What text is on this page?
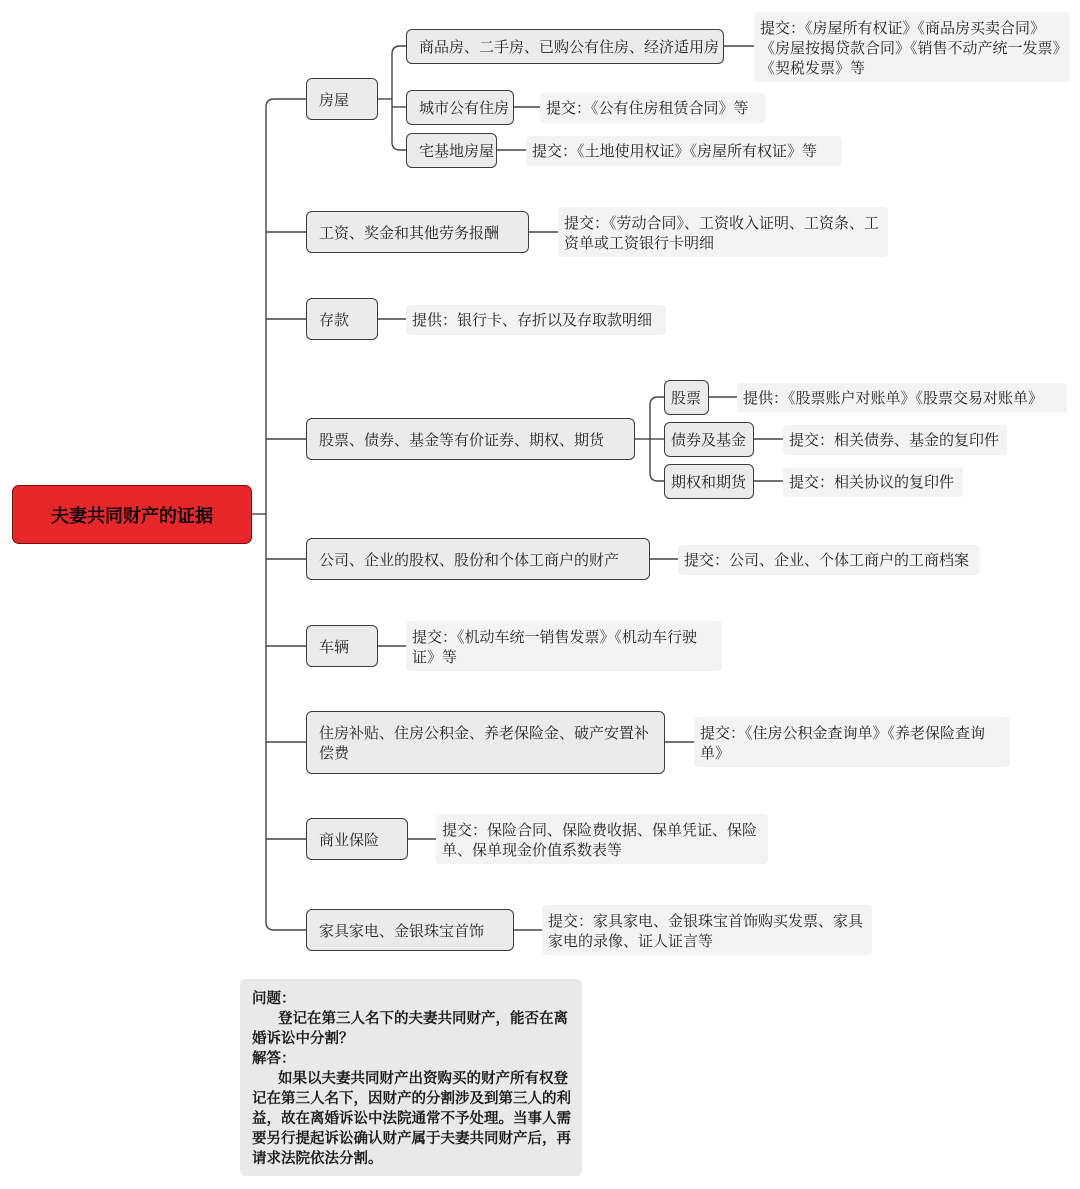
夫妻共同财产的证据
房屋
商品房、二手房、已购公有住房、经济适用房
提交：《房屋所有权证》《商品房买卖合同》《房屋按揭贷款合同》《销售不动产统一发票》《契税发票》等
城市公有住房	提交：《公有住房租赁合同》等
宅基地房屋	提交：《土地使用权证》《房屋所有权证》等
工资、奖金和其他劳务报酬
提交：《劳动合同》、工资收入证明、工资条、工资单或工资银行卡明细
存款	提供：银行卡、存折以及存取款明细
股票、债券、基金等有价证券、期权、期货
股票	提供：《股票账户对账单》《股票交易对账单》
债券及基金	提交：相关债券、基金的复印件
期权和期货	提交：相关协议的复印件
公司、企业的股权、股份和个体工商户的财产	提交：公司、企业、个体工商户的工商档案
车辆
提交：《机动车统一销售发票》《机动车行驶证》等
住房补贴、住房公积金、养老保险金、破产安置补偿费
提交：《住房公积金查询单》《养老保险查询单》
商业保险
提交：保险合同、保险费收据、保单凭证、保险单、保单现金价值系数表等
家具家电、金银珠宝首饰
提交：家具家电、金银珠宝首饰购买发票、家具家电的录像、证人证言等
问题：
登记在第三人名下的夫妻共同财产，能否在离婚诉讼中分割？
解答：
如果以夫妻共同财产出资购买的财产所有权登记在第三人名下，因财产的分割涉及到第三人的利益，故在离婚诉讼中法院通常不予处理。当事人需要另行提起诉讼确认财产属于夫妻共同财产后，再请求法院依法分割。
